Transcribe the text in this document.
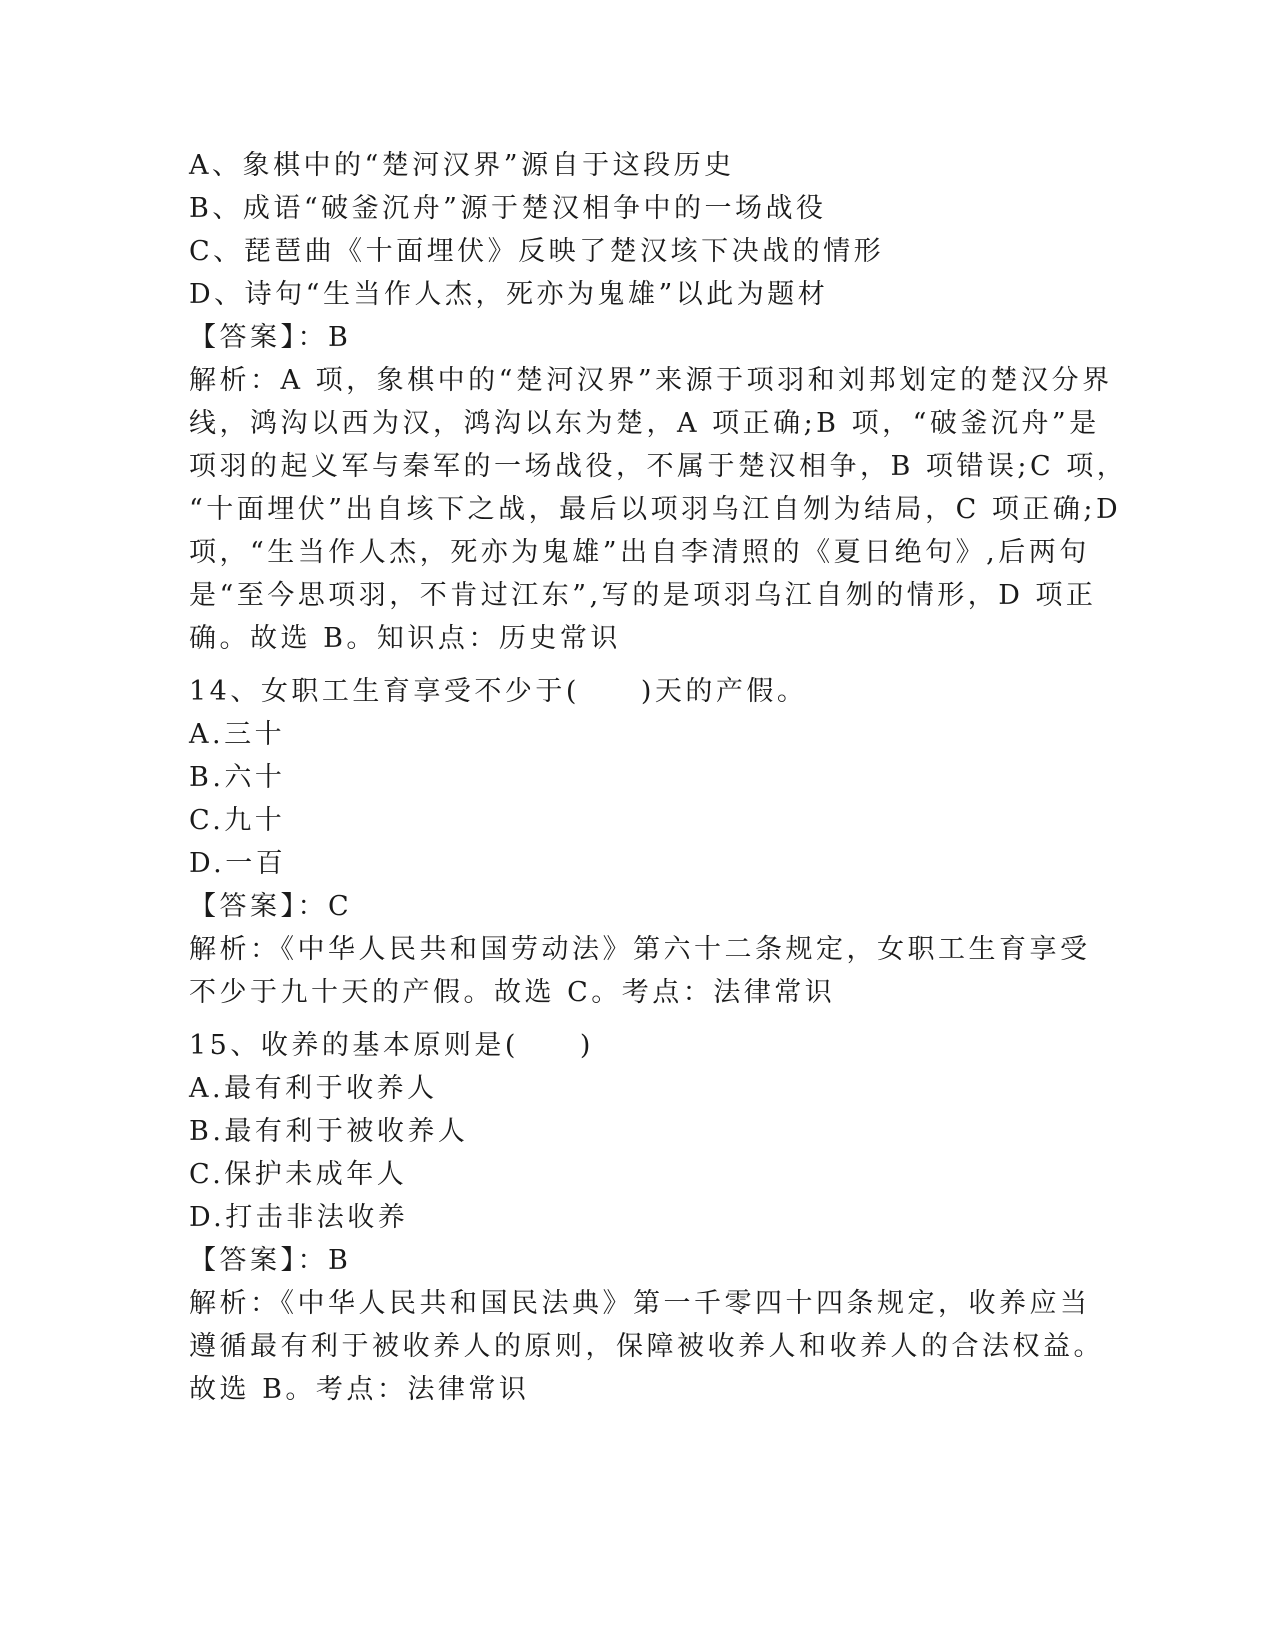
A、象棋中的“楚河汉界”源自于这段历史
B、成语“破釜沉舟”源于楚汉相争中的一场战役
C、琵琶曲《十面埋伏》反映了楚汉垓下决战的情形
D、诗句“生当作人杰，死亦为鬼雄”以此为题材
【答案】：B
解析：A 项，象棋中的“楚河汉界”来源于项羽和刘邦划定的楚汉分界
线，鸿沟以西为汉，鸿沟以东为楚，A 项正确;B 项，“破釜沉舟”是
项羽的起义军与秦军的一场战役，不属于楚汉相争，B 项错误;C 项，
“十面埋伏”出自垓下之战，最后以项羽乌江自刎为结局，C 项正确;D
项，“生当作人杰，死亦为鬼雄”出自李清照的《夏日绝句》,后两句
是“至今思项羽，不肯过江东”,写的是项羽乌江自刎的情形，D 项正
确。故选 B。知识点：历史常识
14、女职工生育享受不少于(　　)天的产假。
A.三十
B.六十
C.九十
D.一百
【答案】：C
解析：《中华人民共和国劳动法》第六十二条规定，女职工生育享受
不少于九十天的产假。故选 C。考点：法律常识
15、收养的基本原则是(　　)
A.最有利于收养人
B.最有利于被收养人
C.保护未成年人
D.打击非法收养
【答案】：B
解析：《中华人民共和国民法典》第一千零四十四条规定，收养应当
遵循最有利于被收养人的原则，保障被收养人和收养人的合法权益。
故选 B。考点：法律常识
